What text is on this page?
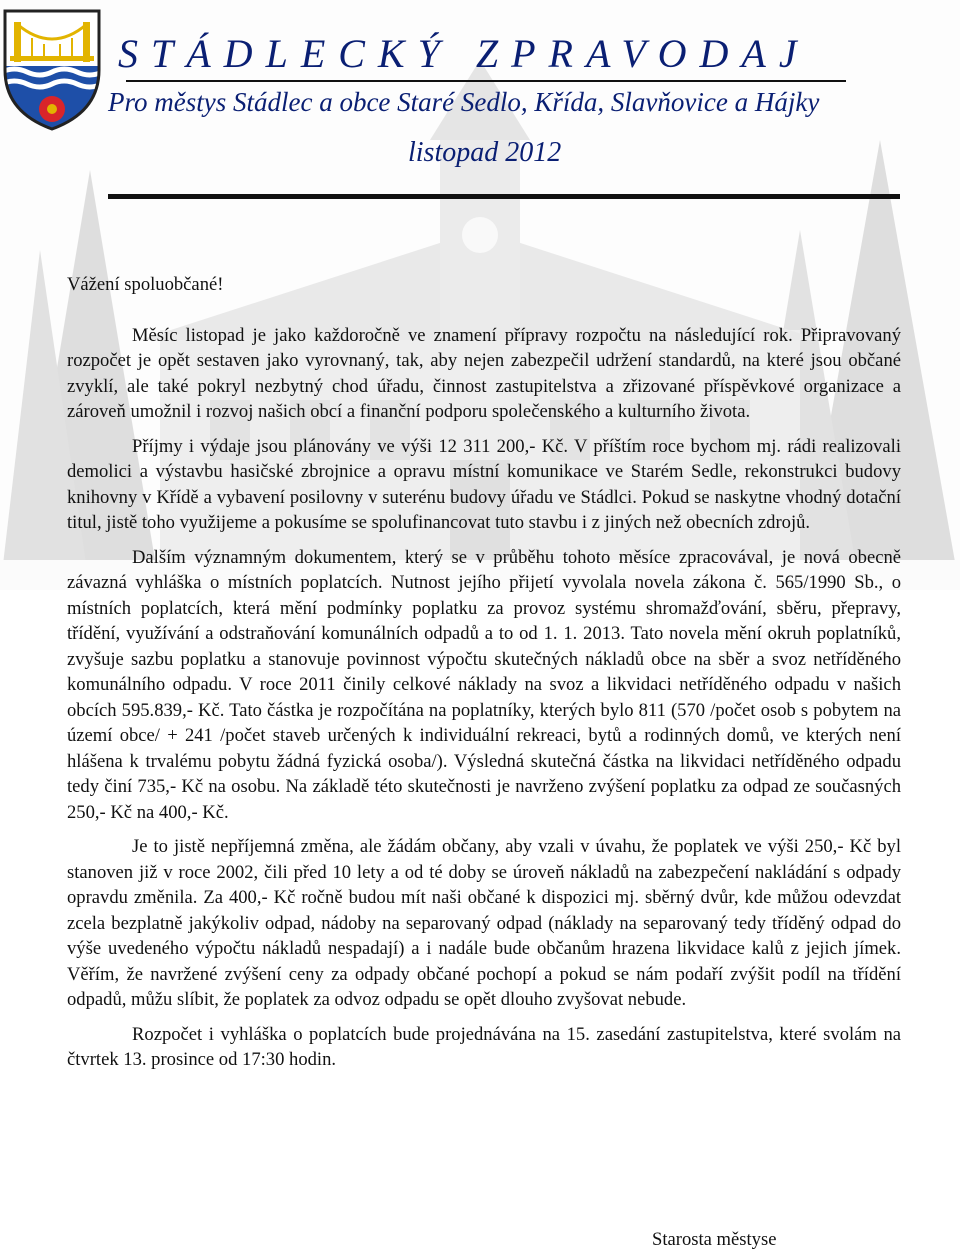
STÁDLECKÝ ZPRAVODAJ
Pro městys Stádlec a obce Staré Sedlo, Křída, Slavňovice a Hájky
listopad 2012

Vážení spoluobčané!

Měsíc listopad je jako každoročně ve znamení přípravy rozpočtu na následující rok. Připravovaný rozpočet je opět sestaven jako vyrovnaný, tak, aby nejen zabezpečil udržení standardů, na které jsou občané zvyklí, ale také pokryl nezbytný chod úřadu, činnost zastupitelstva a zřizované příspěvkové organizace a zároveň umožnil i rozvoj našich obcí a finanční podporu společenského a kulturního života.

Příjmy i výdaje jsou plánovány ve výši 12 311 200,- Kč. V příštím roce bychom mj. rádi realizovali demolici a výstavbu hasičské zbrojnice a opravu místní komunikace ve Starém Sedle, rekonstrukci budovy knihovny v Křídě a vybavení posilovny v suterénu budovy úřadu ve Stádlci. Pokud se naskytne vhodný dotační titul, jistě toho využijeme a pokusíme se spolufinancovat tuto stavbu i z jiných než obecních zdrojů.

Dalším významným dokumentem, který se v průběhu tohoto měsíce zpracovával, je nová obecně závazná vyhláška o místních poplatcích. Nutnost jejího přijetí vyvolala novela zákona č. 565/1990 Sb., o místních poplatcích, která mění podmínky poplatku za provoz systému shromažďování, sběru, přepravy, třídění, využívání a odstraňování komunálních odpadů a to od 1. 1. 2013. Tato novela mění okruh poplatníků, zvyšuje sazbu poplatku a stanovuje povinnost výpočtu skutečných nákladů obce na sběr a svoz netříděného komunálního odpadu. V roce 2011 činily celkové náklady na svoz a likvidaci netříděného odpadu v našich obcích 595.839,- Kč. Tato částka je rozpočítána na poplatníky, kterých bylo 811 (570 /počet osob s pobytem na území obce/ + 241 /počet staveb určených k individuální rekreaci, bytů a rodinných domů, ve kterých není hlášena k trvalému pobytu žádná fyzická osoba/). Výsledná skutečná částka na likvidaci netříděného odpadu tedy činí 735,- Kč na osobu. Na základě této skutečnosti je navrženo zvýšení poplatku za odpad ze současných 250,- Kč na 400,- Kč.

Je to jistě nepříjemná změna, ale žádám občany, aby vzali v úvahu, že poplatek ve výši 250,- Kč byl stanoven již v roce 2002, čili před 10 lety a od té doby se úroveň nákladů na zabezpečení nakládání s odpady opravdu změnila. Za 400,- Kč ročně budou mít naši občané k dispozici mj. sběrný dvůr, kde můžou odevzdat zcela bezplatně jakýkoliv odpad, nádoby na separovaný odpad (náklady na separovaný tedy tříděný odpad do výše uvedeného výpočtu nákladů nespadají) a i nadále bude občanům hrazena likvidace kalů z jejich jímek. Věřím, že navržené zvýšení ceny za odpady občané pochopí a pokud se nám podaří zvýšit podíl na třídění odpadů, můžu slíbit, že poplatek za odvoz odpadu se opět dlouho zvyšovat nebude.

Rozpočet i vyhláška o poplatcích bude projednávána na 15. zasedání zastupitelstva, které svolám na čtvrtek 13. prosince od 17:30 hodin.

Starosta městyse
